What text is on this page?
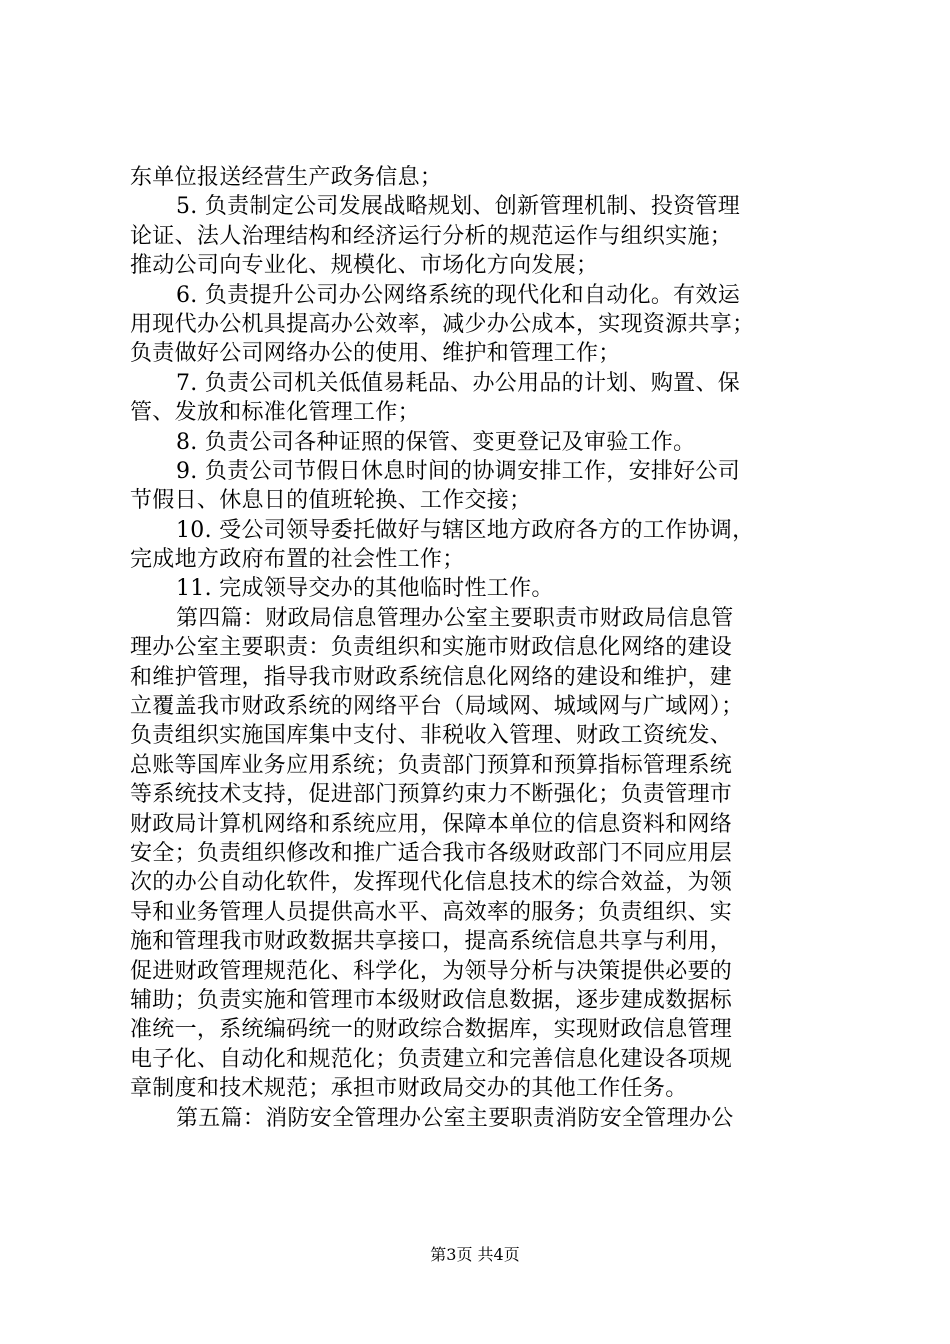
东单位报送经营生产政务信息；
5. 负责制定公司发展战略规划、创新管理机制、投资管理
论证、法人治理结构和经济运行分析的规范运作与组织实施；
推动公司向专业化、规模化、市场化方向发展；
6. 负责提升公司办公网络系统的现代化和自动化。有效运
用现代办公机具提高办公效率，减少办公成本，实现资源共享；
负责做好公司网络办公的使用、维护和管理工作；
7. 负责公司机关低值易耗品、办公用品的计划、购置、保
管、发放和标准化管理工作；
8. 负责公司各种证照的保管、变更登记及审验工作。
9. 负责公司节假日休息时间的协调安排工作，安排好公司
节假日、休息日的值班轮换、工作交接；
10. 受公司领导委托做好与辖区地方政府各方的工作协调，
完成地方政府布置的社会性工作；
11. 完成领导交办的其他临时性工作。
第四篇：财政局信息管理办公室主要职责市财政局信息管
理办公室主要职责：负责组织和实施市财政信息化网络的建设
和维护管理，指导我市财政系统信息化网络的建设和维护，建
立覆盖我市财政系统的网络平台（局域网、城域网与广域网）；
负责组织实施国库集中支付、非税收入管理、财政工资统发、
总账等国库业务应用系统；负责部门预算和预算指标管理系统
等系统技术支持，促进部门预算约束力不断强化；负责管理市
财政局计算机网络和系统应用，保障本单位的信息资料和网络
安全；负责组织修改和推广适合我市各级财政部门不同应用层
次的办公自动化软件，发挥现代化信息技术的综合效益，为领
导和业务管理人员提供高水平、高效率的服务；负责组织、实
施和管理我市财政数据共享接口，提高系统信息共享与利用，
促进财政管理规范化、科学化，为领导分析与决策提供必要的
辅助；负责实施和管理市本级财政信息数据，逐步建成数据标
准统一，系统编码统一的财政综合数据库，实现财政信息管理
电子化、自动化和规范化；负责建立和完善信息化建设各项规
章制度和技术规范；承担市财政局交办的其他工作任务。
第五篇：消防安全管理办公室主要职责消防安全管理办公
第3页 共4页
